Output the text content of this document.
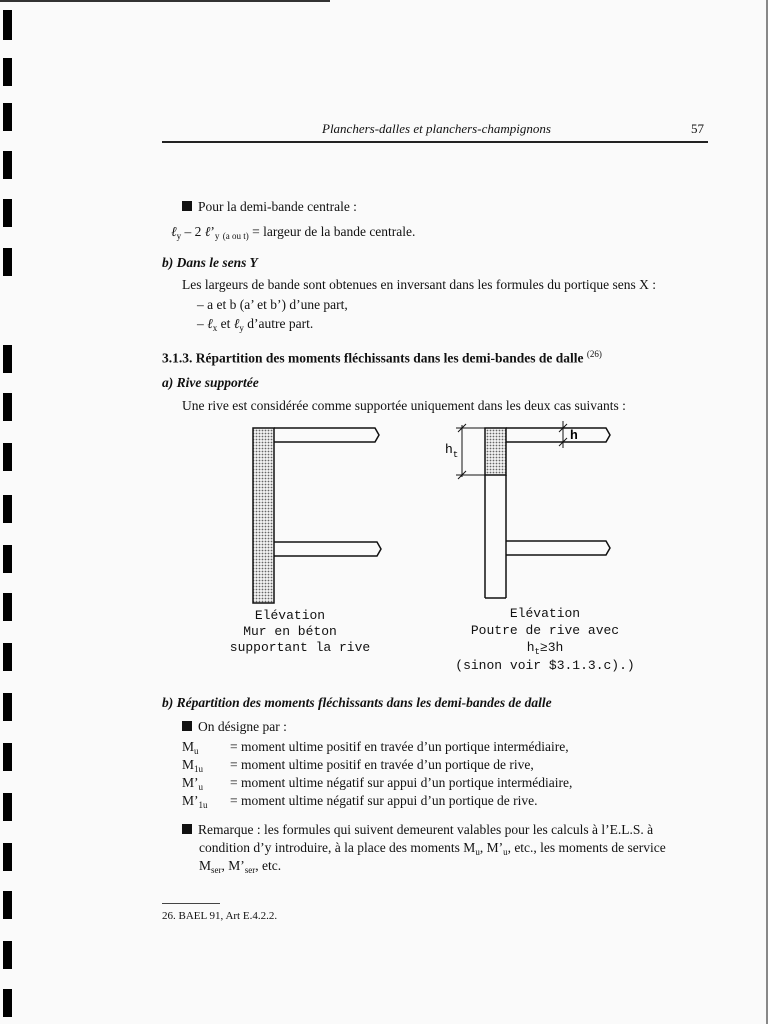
Planchers-dalles et planchers-champignons	57
Pour la demi-bande centrale :
ℓ$_y$ – 2 $\ell’_y$ $_{(a ou t)}$ = largeur de la bande centrale.
b) Dans le sens Y
Les largeurs de bande sont obtenues en inversant dans les formules du portique sens X :
– a et b (a’ et b’) d’une part,
– ℓ$_x$ et ℓ$_y$ d’autre part.
3.1.3. Répartition des moments fléchissants dans les demi-bandes de dalle $^{(26)}$
a) Rive supportée
Une rive est considérée comme supportée uniquement dans les deux cas suivants :
h
$h_t$
Elévation
Mur en béton
supportant la rive
Elévation
Poutre de rive avec
$h_t\ge 3h$
(sinon voir $3.1.3.c).)
b) Répartition des moments fléchissants dans les demi-bandes de dalle
On désigne par :
$M_u$ = moment ultime positif en travée d’un portique intermédiaire,
$M_{1u}$ = moment ultime positif en travée d’un portique de rive,
$M’_u$ = moment ultime négatif sur appui d’un portique intermédiaire,
$M’_{1u}$ = moment ultime négatif sur appui d’un portique de rive.
Remarque : les formules qui suivent demeurent valables pour les calculs à l’E.L.S. à
condition d’y introduire, à la place des moments $M_u$, $M’_u$, etc., les moments de service
$M_{ser}$, $M’_{ser}$, etc.
26. BAEL 91, Art E.4.2.2.
